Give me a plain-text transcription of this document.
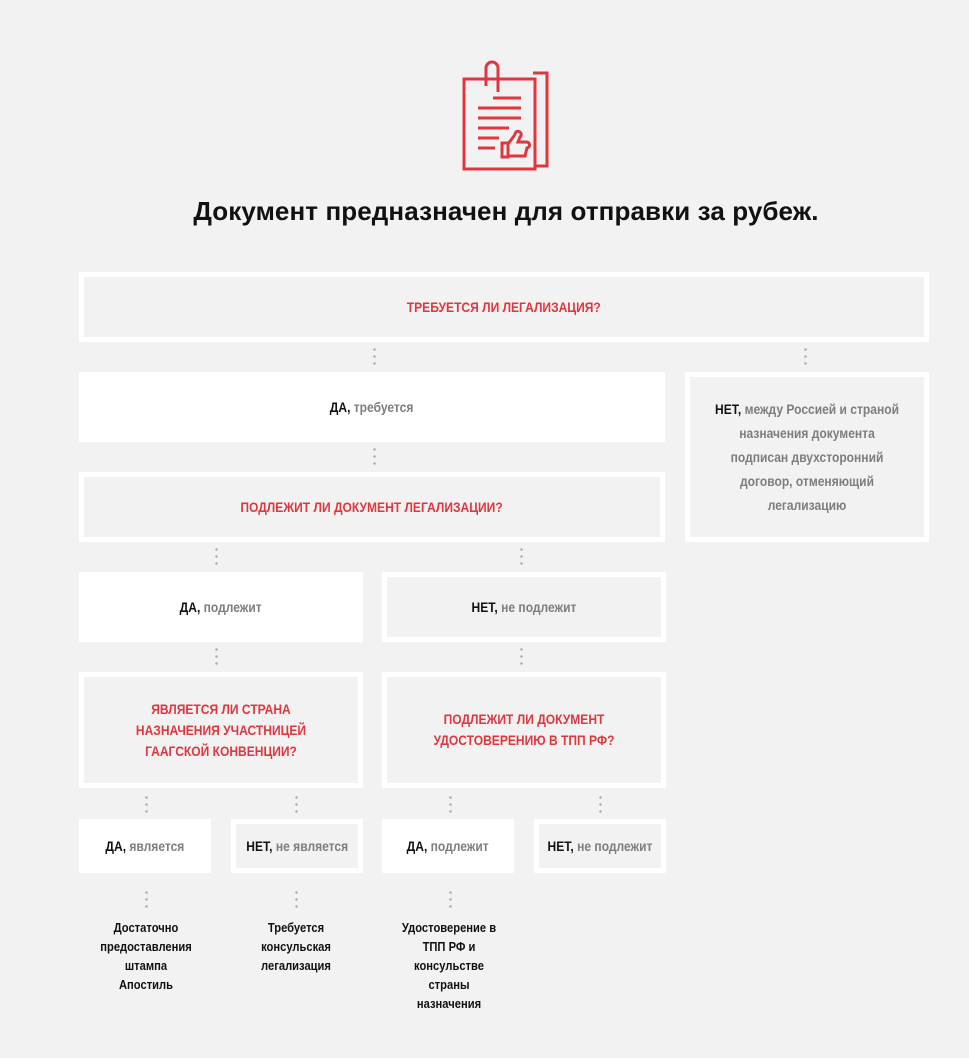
Документ предназначен для отправки за рубеж.
ТРЕБУЕТСЯ ЛИ ЛЕГАЛИЗАЦИЯ?
ДА, требуется	НЕТ, между Россией и страной назначения документа подписан двухсторонний договор, отменяющий легализацию
ПОДЛЕЖИТ ЛИ ДОКУМЕНТ ЛЕГАЛИЗАЦИИ?
ДА, подлежит	НЕТ, не подлежит
ЯВЛЯЕТСЯ ЛИ СТРАНА НАЗНАЧЕНИЯ УЧАСТНИЦЕЙ ГААГСКОЙ КОНВЕНЦИИ?
ПОДЛЕЖИТ ЛИ ДОКУМЕНТ УДОСТОВЕРЕНИЮ В ТПП РФ?
ДА, является	НЕТ, не является	ДА, подлежит	НЕТ, не подлежит
Достаточно предоставления штампа Апостиль
Требуется консульская легализация
Удостоверение в ТПП РФ и консульстве страны назначения
